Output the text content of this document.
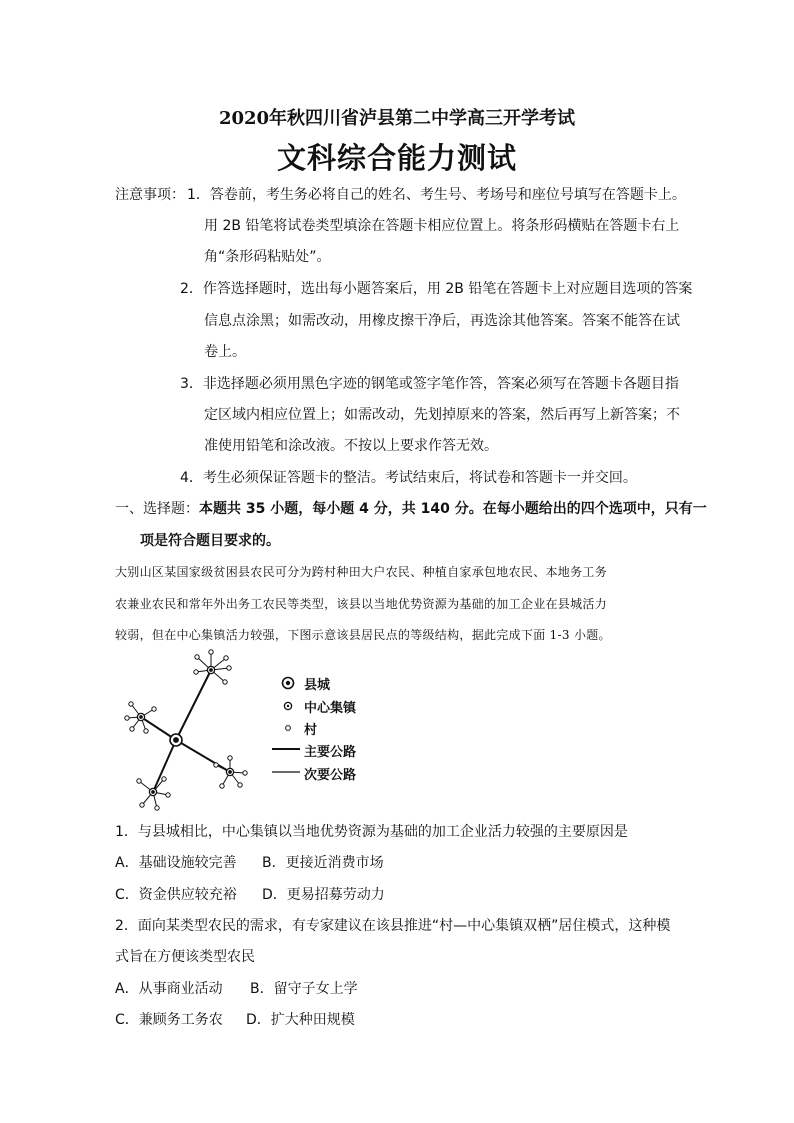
2020年秋四川省泸县第二中学高三开学考试
文科综合能力测试
注意事项： 1．答卷前，考生务必将自己的姓名、考生号、考场号和座位号填写在答题卡上。
用 2B 铅笔将试卷类型填涂在答题卡相应位置上。将条形码横贴在答题卡右上
角“条形码粘贴处”。
2．作答选择题时，选出每小题答案后，用 2B 铅笔在答题卡上对应题目选项的答案
信息点涂黑；如需改动，用橡皮擦干净后，再选涂其他答案。答案不能答在试
卷上。
3．非选择题必须用黑色字迹的钢笔或签字笔作答，答案必须写在答题卡各题目指
定区域内相应位置上；如需改动，先划掉原来的答案，然后再写上新答案；不
准使用铅笔和涂改液。不按以上要求作答无效。
4．考生必须保证答题卡的整洁。考试结束后，将试卷和答题卡一并交回。
一、选择题： 本题共 35 小题，每小题 4 分，共 140 分。在每小题给出的四个选项中，只有一
项是符合题目要求的。
大别山区某国家级贫困县农民可分为跨村种田大户农民、种植自家承包地农民、本地务工务
农兼业农民和常年外出务工农民等类型，该县以当地优势资源为基础的加工企业在县城活力
较弱，但在中心集镇活力较强，下图示意该县居民点的等级结构，据此完成下面 1-3 小题。
县城
中心集镇
村
主要公路
次要公路
1．与县城相比，中心集镇以当地优势资源为基础的加工企业活力较强的主要原因是
A．基础设施较完善 B．更接近消费市场
C．资金供应较充裕 D．更易招募劳动力
2．面向某类型农民的需求，有专家建议在该县推进“村—中心集镇双栖”居住模式，这种模
式旨在方便该类型农民
A．从事商业活动 B．留守子女上学
C．兼顾务工务农 D．扩大种田规模
